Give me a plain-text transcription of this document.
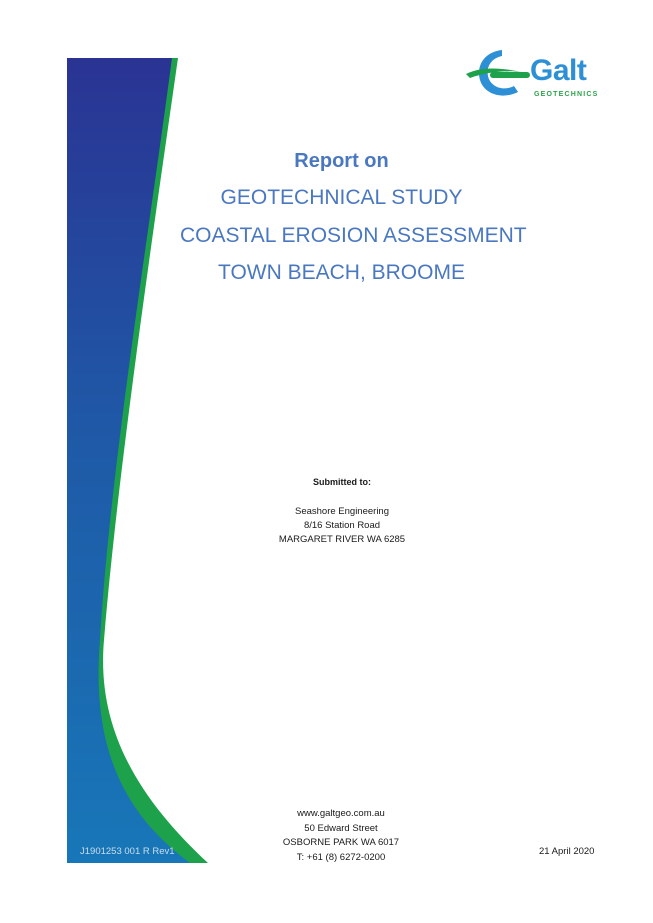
Galt
GEOTECHNICS
Report on
GEOTECHNICAL STUDY
COASTAL EROSION ASSESSMENT
TOWN BEACH, BROOME
Submitted to:
Seashore Engineering
8/16 Station Road
MARGARET RIVER WA 6285
www.galtgeo.com.au
50 Edward Street
OSBORNE PARK WA 6017
T: +61 (8) 6272-0200
J1901253 001 R Rev1	21 April 2020
